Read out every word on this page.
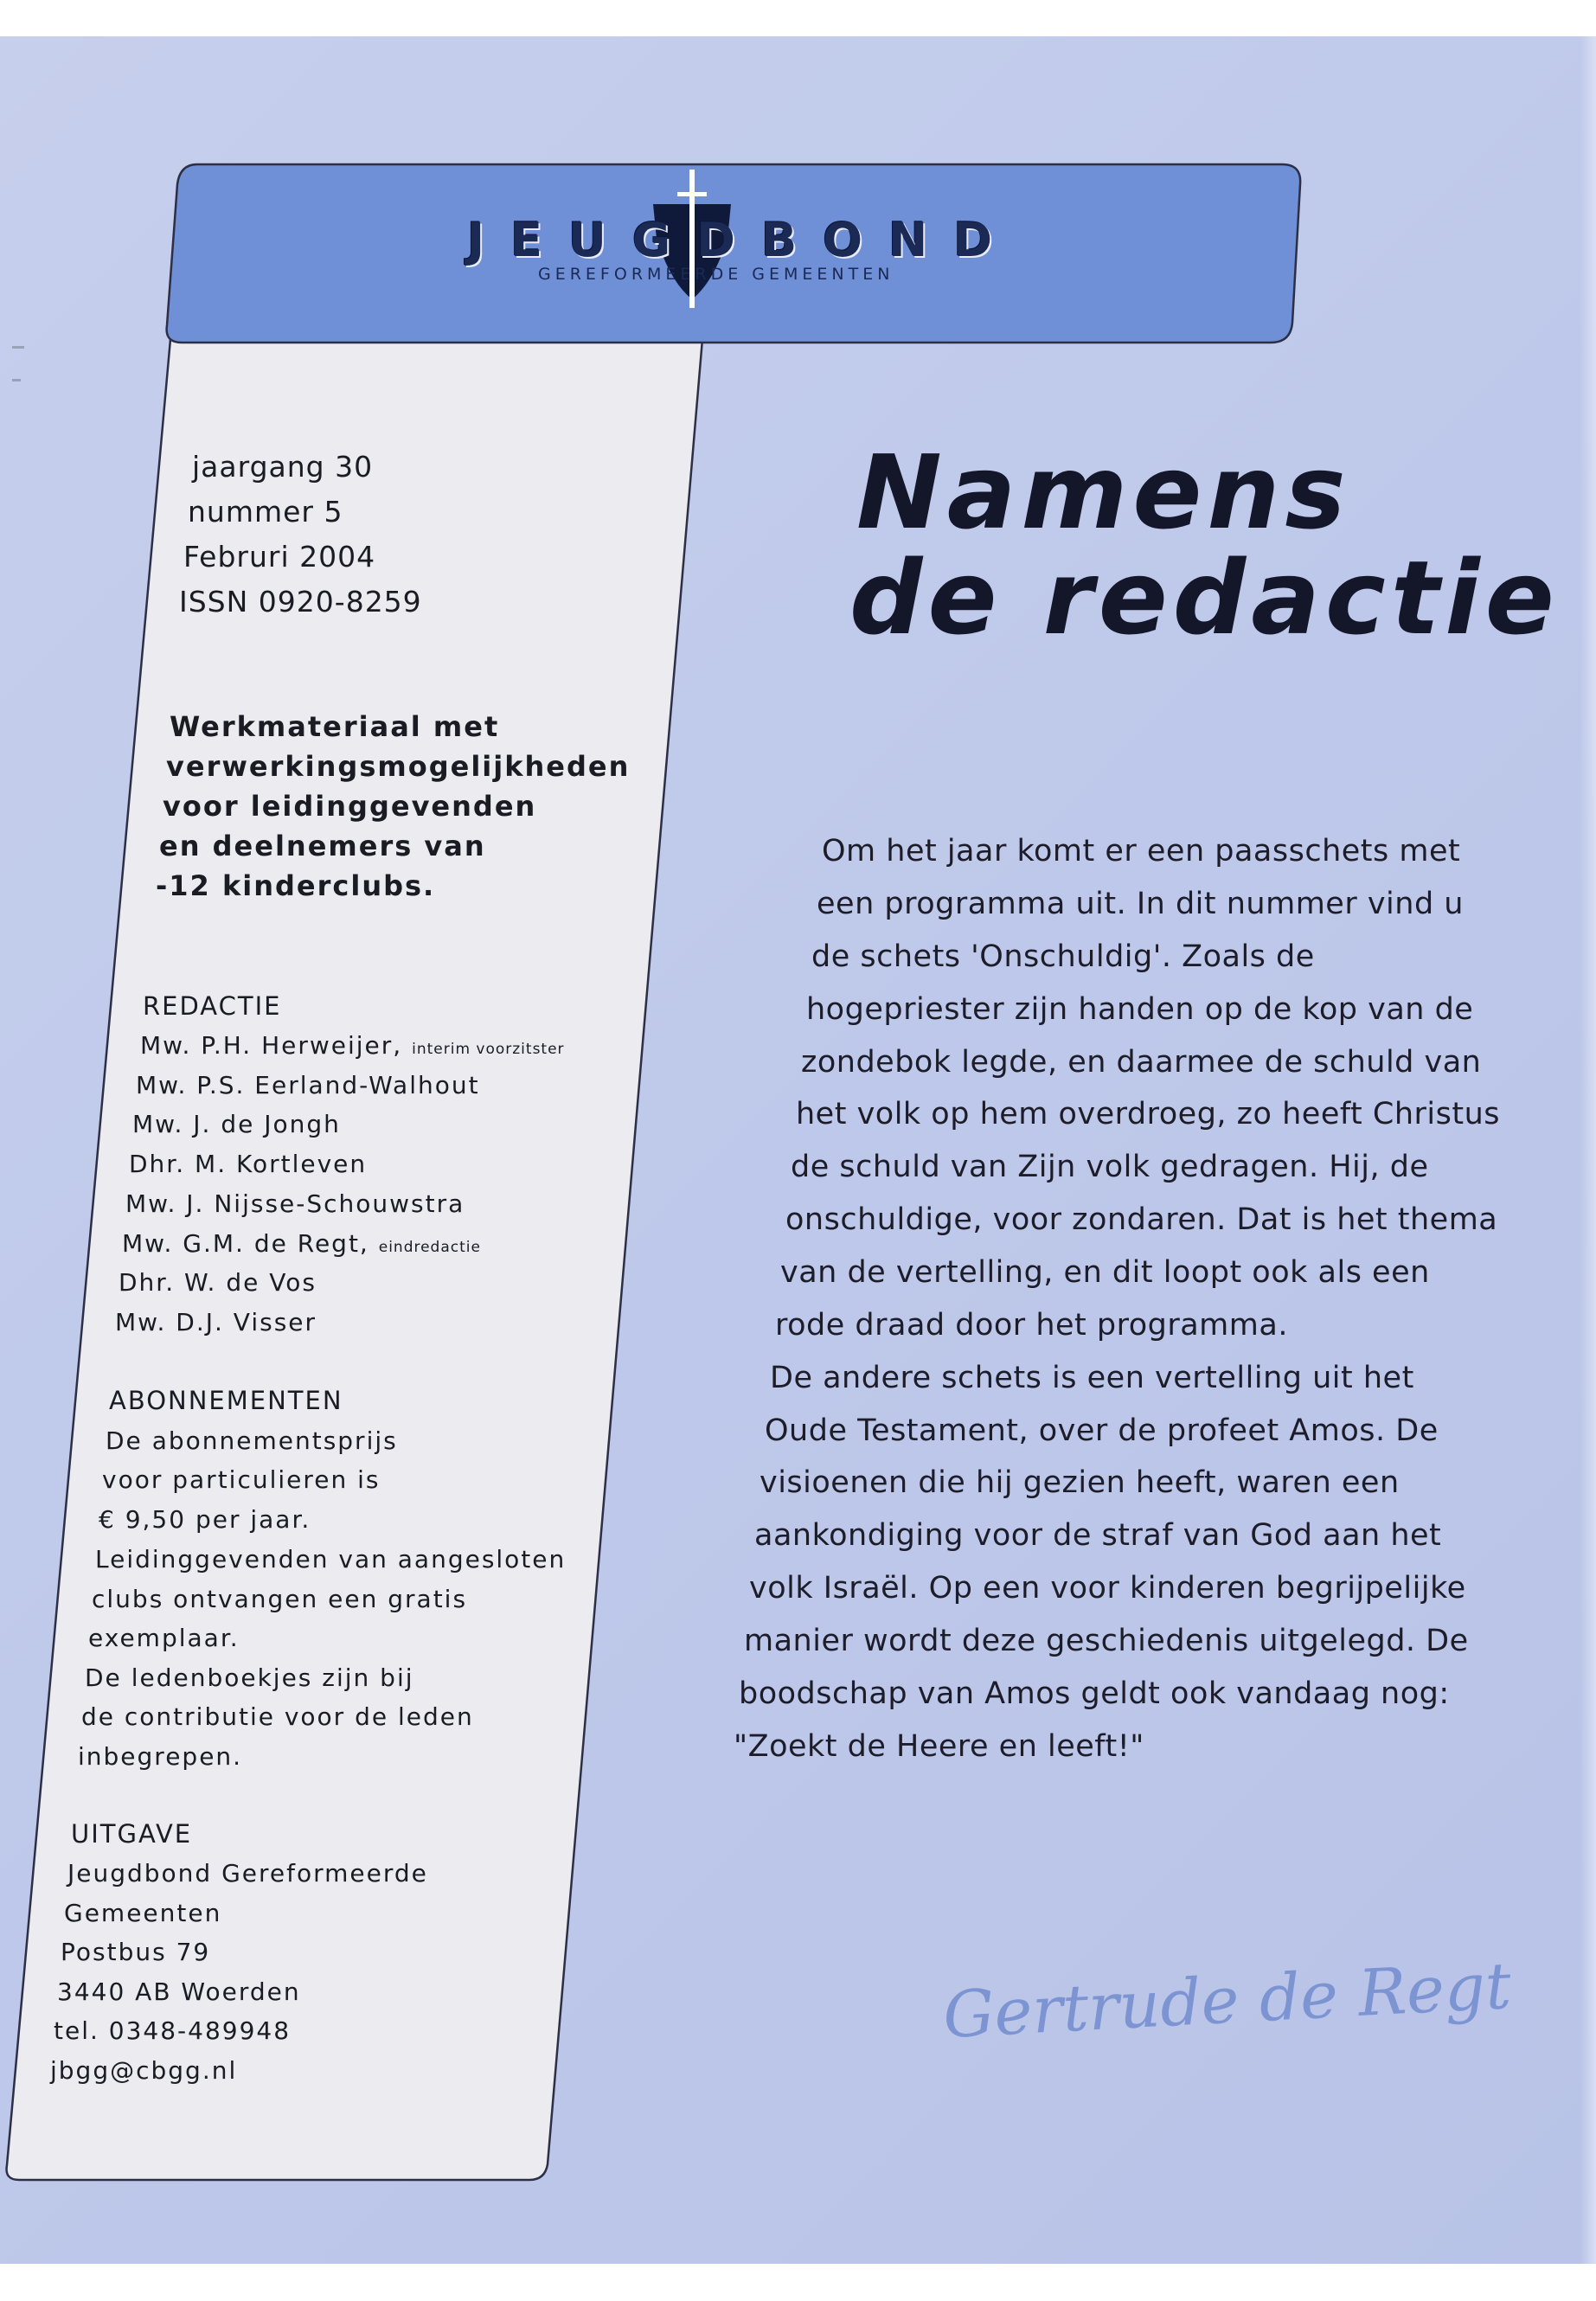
JEUGDBOND
GEREFORMEERDE GEMEENTEN
jaargang 30
nummer 5
Februri 2004
ISSN 0920-8259
Werkmateriaal met
verwerkingsmogelijkheden
voor leidinggevenden
en deelnemers van
-12 kinderclubs.
REDACTIE
Mw. P.H. Herweijer, interim voorzitster
Mw. P.S. Eerland-Walhout
Mw. J. de Jongh
Dhr. M. Kortleven
Mw. J. Nijsse-Schouwstra
Mw. G.M. de Regt, eindredactie
Dhr. W. de Vos
Mw. D.J. Visser
ABONNEMENTEN
De abonnementsprijs
voor particulieren is
€ 9,50 per jaar.
Leidinggevenden van aangesloten
clubs ontvangen een gratis
exemplaar.
De ledenboekjes zijn bij
de contributie voor de leden
inbegrepen.
UITGAVE
Jeugdbond Gereformeerde
Gemeenten
Postbus 79
3440 AB Woerden
tel. 0348-489948
jbgg@cbgg.nl
Namens
de redactie
Om het jaar komt er een paasschets met
een programma uit. In dit nummer vind u
de schets 'Onschuldig'. Zoals de
hogepriester zijn handen op de kop van de
zondebok legde, en daarmee de schuld van
het volk op hem overdroeg, zo heeft Christus
de schuld van Zijn volk gedragen. Hij, de
onschuldige, voor zondaren. Dat is het thema
van de vertelling, en dit loopt ook als een
rode draad door het programma.
De andere schets is een vertelling uit het
Oude Testament, over de profeet Amos. De
visioenen die hij gezien heeft, waren een
aankondiging voor de straf van God aan het
volk Israël. Op een voor kinderen begrijpelijke
manier wordt deze geschiedenis uitgelegd. De
boodschap van Amos geldt ook vandaag nog:
"Zoekt de Heere en leeft!"
Gertrude de Regt
